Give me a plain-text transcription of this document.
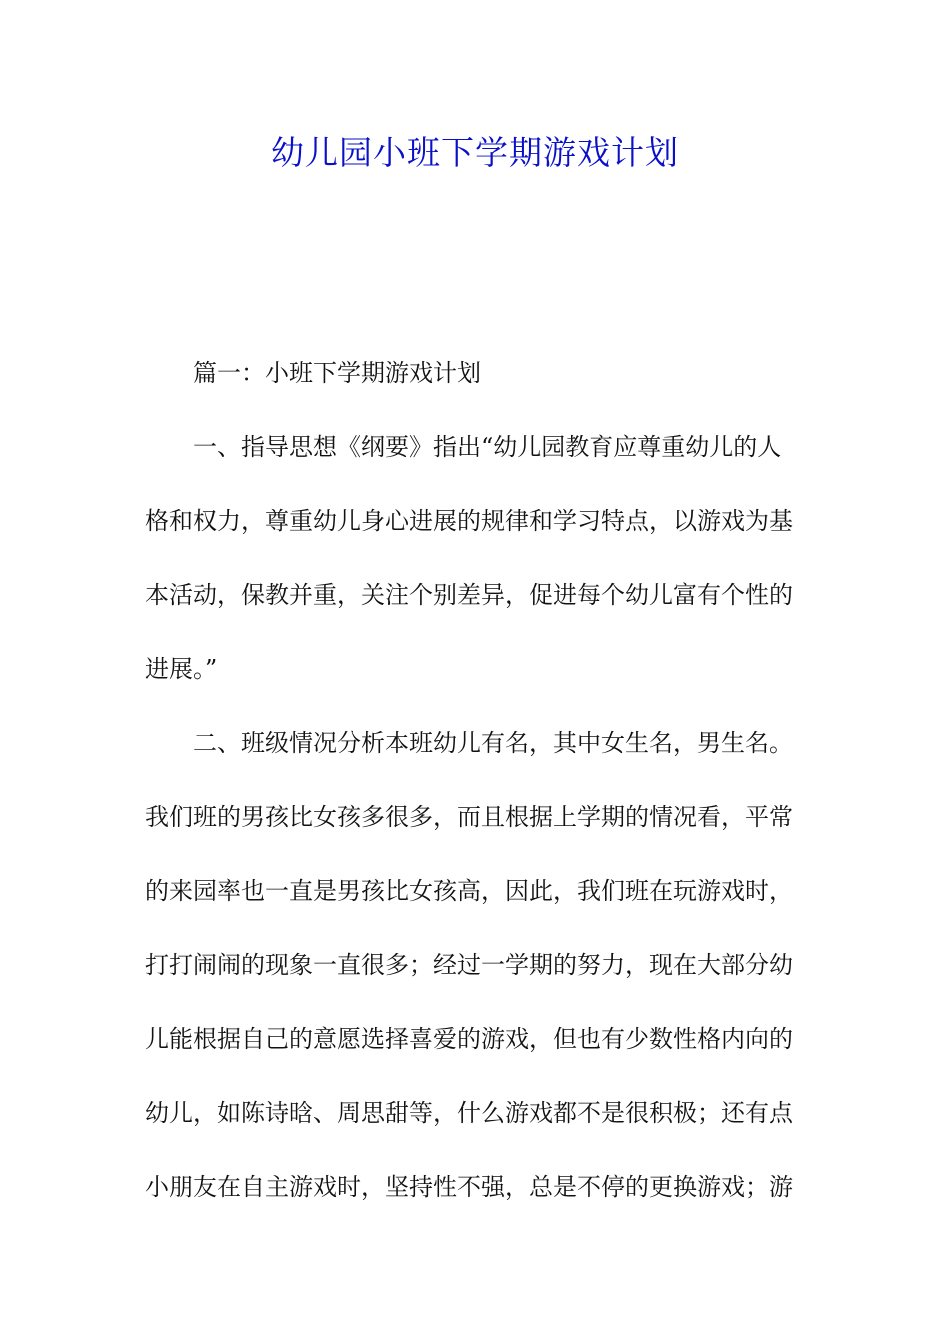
幼儿园小班下学期游戏计划

篇一：小班下学期游戏计划

一、指导思想《纲要》指出“幼儿园教育应尊重幼儿的人
格和权力，尊重幼儿身心进展的规律和学习特点，以游戏为基
本活动，保教并重，关注个别差异，促进每个幼儿富有个性的
进展。”

二、班级情况分析本班幼儿有名，其中女生名，男生名。
我们班的男孩比女孩多很多，而且根据上学期的情况看，平常
的来园率也一直是男孩比女孩高，因此，我们班在玩游戏时，
打打闹闹的现象一直很多；经过一学期的努力，现在大部分幼
儿能根据自己的意愿选择喜爱的游戏，但也有少数性格内向的
幼儿，如陈诗晗、周思甜等，什么游戏都不是很积极；还有点
小朋友在自主游戏时，坚持性不强，总是不停的更换游戏；游
